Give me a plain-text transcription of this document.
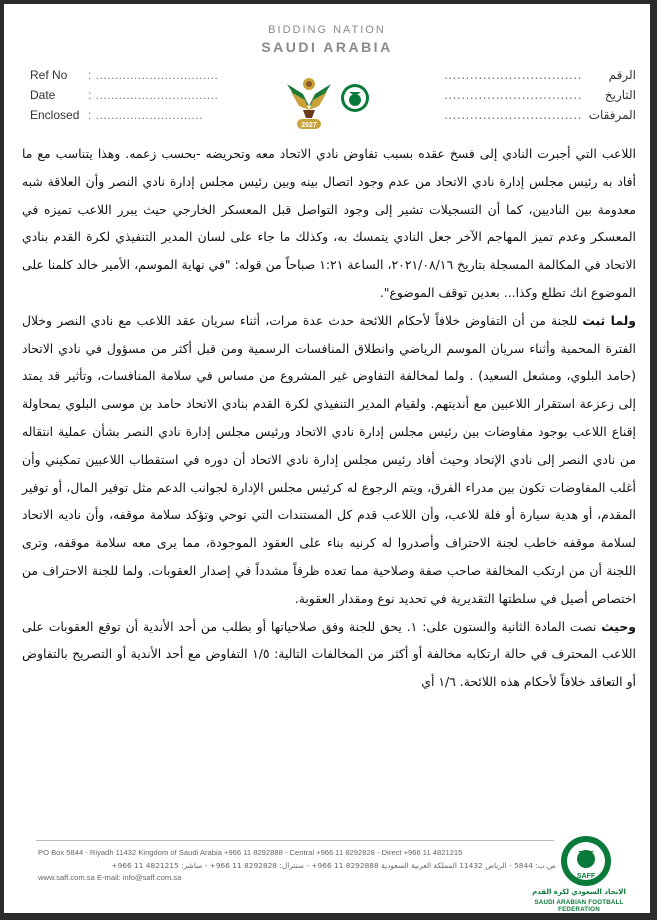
BIDDING NATION
SAUDI ARABIA
2027
Ref No : ................................
Date	: ................................
Enclosed : ............................
الرقم................................
التاريخ................................
المرفقات................................

اللاعب التي أجبرت النادي إلى فسخ عقده بسبب تفاوض نادي الاتحاد معه وتحريضه -بحسب زعمه. وهذا يتناسب مع ما أفاد به رئيس مجلس إدارة نادي الاتحاد من عدم وجود اتصال بينه وبين رئيس مجلس إدارة نادي النصر وأن العلاقة شبه معدومة بين الناديين، كما أن التسجيلات تشير إلى وجود التواصل قبل المعسكر الخارجي حيث يبرر اللاعب تميزه في المعسكر وعدم تميز المهاجم الآخر جعل النادي يتمسك به، وكذلك ما جاء على لسان المدير التنفيذي لكرة القدم بنادي الاتحاد في المكالمة المسجلة بتاريخ ٢٠٢١/٠٨/١٦، الساعة ١:٢١ صباحاً من قوله: "في نهاية الموسم، الأمير خالد كلمنا على الموضوع انك تطلع وكذا... بعدين توقف الموضوع".

ولما ثبت للجنة من أن التفاوض خلافاً لأحكام اللائحة حدث عدة مرات، أثناء سريان عقد اللاعب مع نادي النصر وخلال الفترة المحمية وأثناء سريان الموسم الرياضي وانطلاق المنافسات الرسمية ومن قبل أكثر من مسؤول في نادي الاتحاد (حامد البلوي، ومشعل السعيد) . ولما لمخالفة التفاوض غير المشروع من مساس في سلامة المنافسات، وتأثير قد يمتد إلى زعزعة استقرار اللاعبين مع أنديتهم. ولقيام المدير التنفيذي لكرة القدم بنادي الاتحاد حامد بن موسى البلوي بمحاولة إقناع اللاعب بوجود مفاوضات بين رئيس مجلس إدارة نادي الاتحاد ورئيس مجلس إدارة نادي النصر بشأن عملية انتقاله من نادي النصر إلى نادي الإتحاد وحيث أفاد رئيس مجلس إدارة نادي الاتحاد أن دوره في استقطاب اللاعبين تمكيني وأن أغلب المفاوضات تكون بين مدراء الفرق، ويتم الرجوع له كرئيس مجلس الإدارة لجوانب الدعم مثل توفير المال، أو توفير المقدم، أو هدية سيارة أو فلة للاعب، وأن اللاعب قدم كل المستندات التي توحي وتؤكد سلامة موقفه، وأن ناديه الاتحاد لسلامة موقفه خاطب لجنة الاحتراف وأصدروا له كرنيه بناء على العقود الموجودة، مما يرى معه سلامة موقفه، وترى اللجنة أن من ارتكب المخالفة صاحب صفة وصلاحية مما تعده ظرفاً مشدداً في إصدار العقوبات. ولما للجنة الاحتراف من اختصاص أصيل في سلطتها التقديرية في تحديد نوع ومقدار العقوبة.

وحيث نصت المادة الثانية والستون على: ١. يحق للجنة وفق صلاحياتها أو بطلب من أحد الأندية أن توقع العقوبات على اللاعب المحترف في حالة ارتكابه مخالفة أو أكثر من المخالفات التالية: ١/٥ التفاوض مع أحد الأندية أو التصريح بالتفاوض أو التعاقد خلافاً لأحكام هذه اللائحة. ١/٦ أي

PO Box 5844 - Riyadh 11432 Kingdom of Saudi Arabia +966 11 8292888 - Central +966 11 8292828 - Direct +966 11 4821215
ص.ب: 5844 - الرياض 11432 المملكة العربية السعودية 8292888 11 966+ - سنترال: 8292828 11 966+ - مباشر: 4821215 11 966+
www.saff.com.sa E-mail: info@saff.com.sa	SAFF
الاتحاد السعودي لكرة القدم
SAUDI ARABIAN FOOTBALL FEDERATION
